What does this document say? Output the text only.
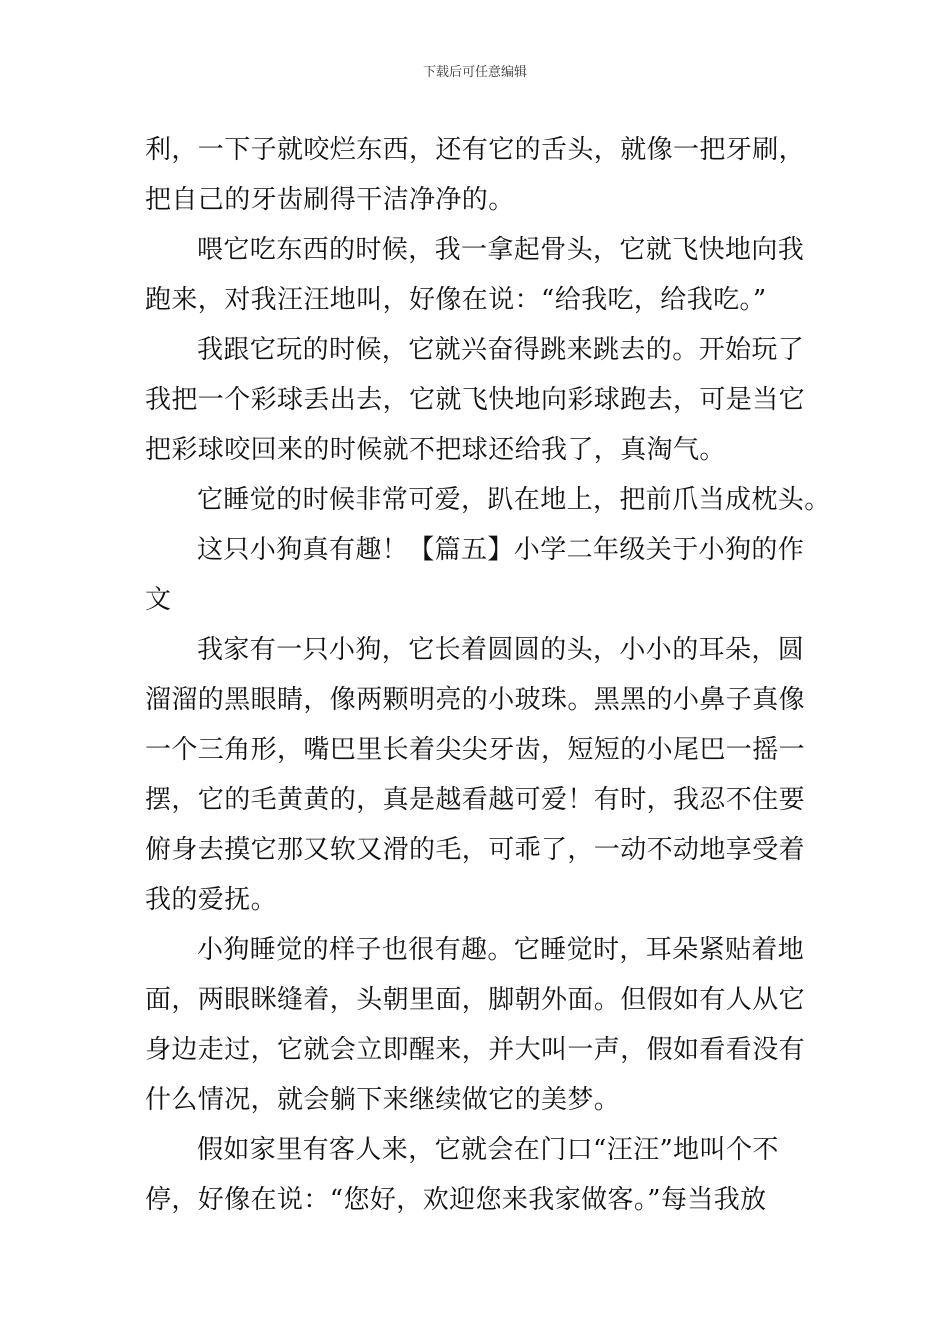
下载后可任意编辑
利，一下子就咬烂东西，还有它的舌头，就像一把牙刷，
把自己的牙齿刷得干洁净净的。
喂它吃东西的时候，我一拿起骨头，它就飞快地向我
跑来，对我汪汪地叫，好像在说：“给我吃，给我吃。”
我跟它玩的时候，它就兴奋得跳来跳去的。开始玩了
我把一个彩球丢出去，它就飞快地向彩球跑去，可是当它
把彩球咬回来的时候就不把球还给我了，真淘气。
它睡觉的时候非常可爱，趴在地上，把前爪当成枕头。
这只小狗真有趣！【篇五】小学二年级关于小狗的作
文
我家有一只小狗，它长着圆圆的头，小小的耳朵，圆
溜溜的黑眼睛，像两颗明亮的小玻珠。黑黑的小鼻子真像
一个三角形，嘴巴里长着尖尖牙齿，短短的小尾巴一摇一
摆，它的毛黄黄的，真是越看越可爱！有时，我忍不住要
俯身去摸它那又软又滑的毛，可乖了，一动不动地享受着
我的爱抚。
小狗睡觉的样子也很有趣。它睡觉时，耳朵紧贴着地
面，两眼眯缝着，头朝里面，脚朝外面。但假如有人从它
身边走过，它就会立即醒来，并大叫一声，假如看看没有
什么情况，就会躺下来继续做它的美梦。
假如家里有客人来，它就会在门口“汪汪”地叫个不
停，好像在说：“您好，欢迎您来我家做客。”每当我放
